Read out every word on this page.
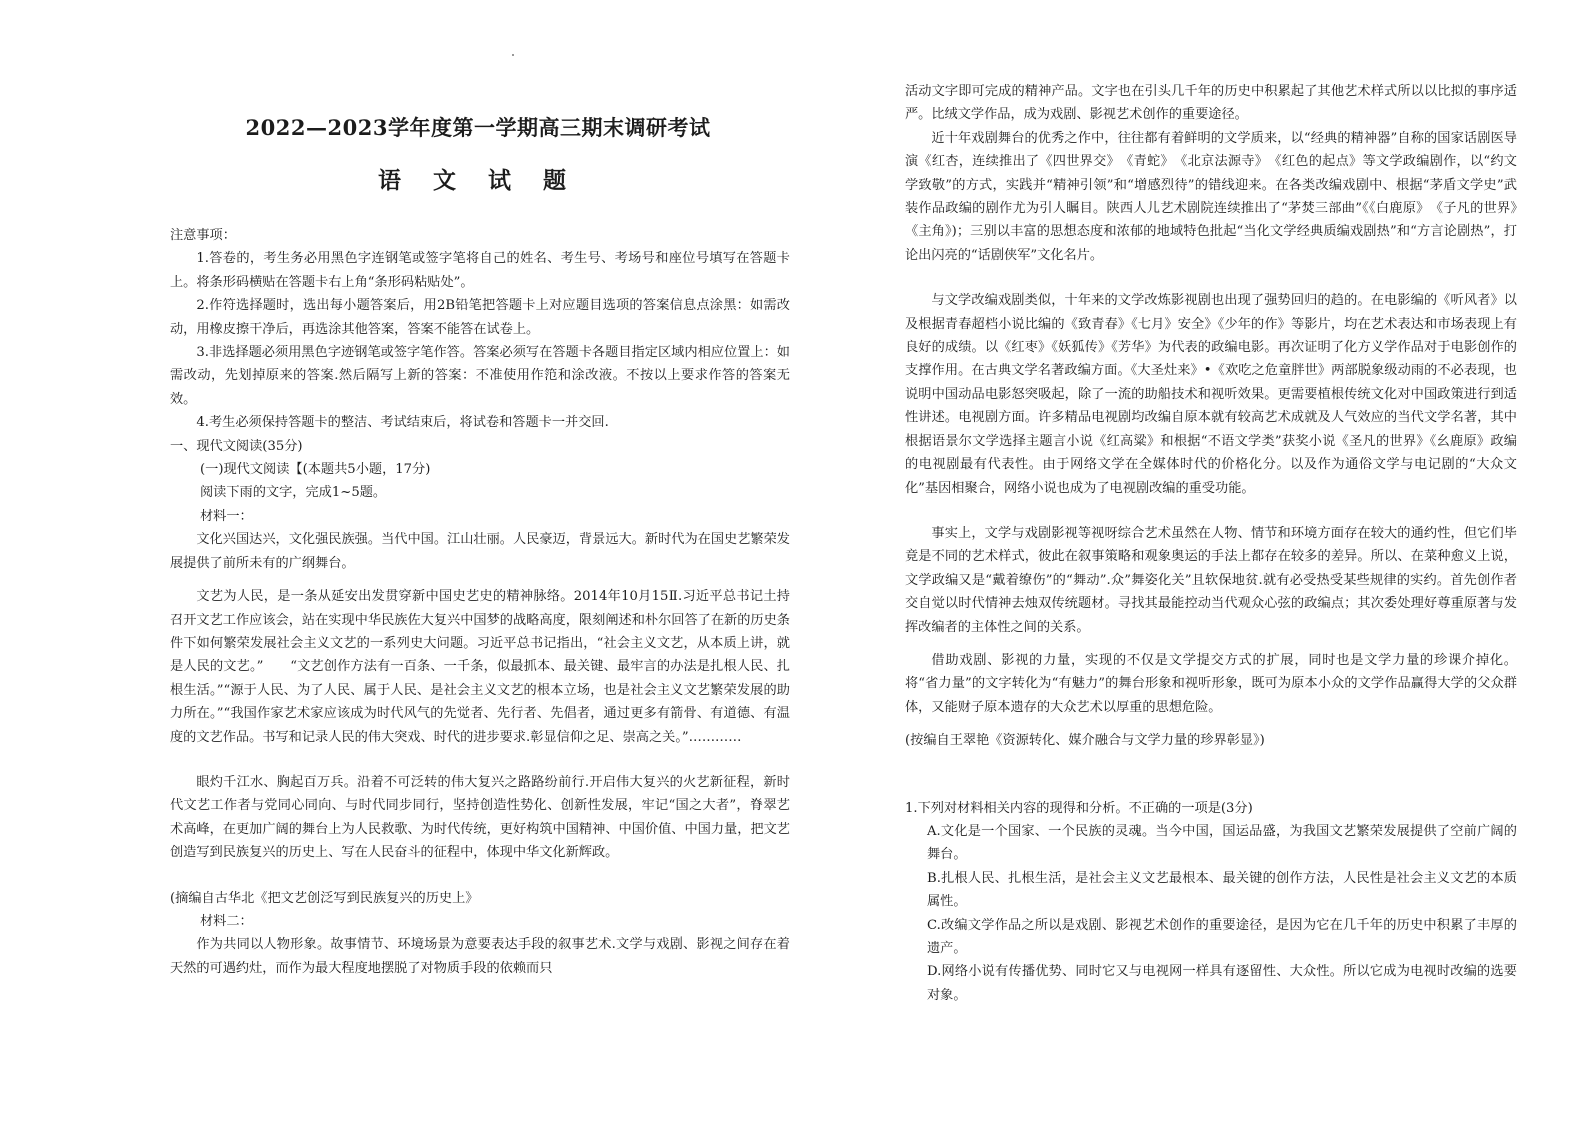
2022—2023学年度第一学期高三期末调研考试
语 文 试 题

注意事项：

1.答卷的，考生务必用黑色字连钢笔或签字笔将自己的姓名、考生号、考场号和座位号填写在答题卡上。将条形码横贴在答题卡右上角“条形码粘贴处”。

2.作符选择题时，选出每小题答案后，用2B铅笔把答题卡上对应题目选项的答案信息点涂黑：如需改动，用橡皮擦干净后，再选涂其他答案，答案不能答在试卷上。

3.非选择题必须用黑色字迹钢笔或签字笔作答。答案必须写在答题卡各题目指定区域内相应位置上：如需改动，先划掉原来的答案.然后隔写上新的答案：不准使用作笵和涂改液。不按以上要求作答的答案无效。

4.考生必须保持答题卡的整洁、考试结束后，将试卷和答题卡一并交回.

一、现代文阅读(35分)

(一)现代文阅读【(本题共5小题，17分)

阅读下雨的文字，完成1~5题。

材料一：

文化兴国达兴，文化强民族强。当代中国。江山壮丽。人民豪迈，背景远大。新时代为在国史艺繁荣发展提供了前所未有的广纲舞台。

文艺为人民，是一条从延安出发贯穿新中国史艺史的精神脉络。2014年10月15Ⅱ.习近平总书记土持召开文艺工作应该会，站在实现中华民族佐大复兴中国梦的战略高度，限刻阐述和朴尔回答了在新的历史条件下如何繁荣发展社会主义文艺的一系列史大问题。习近平总书记指出，“社会主义文艺，从本质上讲，就是人民的文艺。”　　“文艺创作方法有一百条、一千条，似最抓本、最关键、最牢言的办法是扎根人民、扎根生活。”“源于人民、为了人民、属于人民、是社会主义文艺的根本立场，也是社会主义文艺繁荣发展的助力所在。”“我国作家艺术家应该成为时代风气的先觉者、先行者、先倡者，通过更多有箭骨、有道德、有温度的文艺作品。书写和记录人民的伟大突戏、时代的进步要求.彰显信仰之足、崇高之关。”…………

眼灼千江水、胸起百万兵。沿着不可泛转的伟大复兴之路路纷前行.开启伟大复兴的火艺新征程，新时代文艺工作者与党同心同向、与时代同步同行，坚持创造性势化、创新性发展，牢记“国之大者”，脊翠艺术高峰，在更加广阔的舞台上为人民救歌、为时代传统，更好构筑中国精神、中国价值、中国力量，把文艺创造写到民族复兴的历史上、写在人民奋斗的征程中，体现中华文化新辉政。

(摘编自古华北《把文艺创泛写到民族复兴的历史上》

材料二：

作为共同以人物形象。故事情节、环境场景为意要表达手段的叙事艺术.文学与戏剧、影视之间存在着天然的可遇约灶，而作为最大程度地摆脱了对物质手段的依赖而只

活动文字即可完成的精神产品。文字也在引头几千年的历史中积累起了其他艺术样式所以以比拟的事序适严。比绒文学作品，成为戏剧、影视艺术创作的重要途径。

近十年戏剧舞台的优秀之作中，往往都有着鲜明的文学质来，以“经典的精神器”自称的国家话剧医导演《红杏，连续推出了《四世界交》　《青蛇》　《北京法源寺》　《红色的起点》等文学政编剧作，以“约文学致敬”的方式，实践并“精神引领”和“增感烈待”的错线迎来。在各类改编戏剧中、根据“茅盾文学史”武装作品政编的剧作尤为引人瞩目。陕西人儿艺术剧院连续推出了“茅焚三部曲”《《白鹿原》　《子凡的世界》　《主角》)；三别以丰富的思想态度和浓郁的地域特色批起“当化文学经典质编戏剧热”和“方言论剧热”，打论出闪亮的“话剧侠军”文化名片。

与文学改编戏剧类似，十年来的文学改炼影视剧也出现了强势回归的趋的。在电影编的《听风者》以及根据青春超档小说比编的《致青春》《七月》安全》《少年的作》等影片，均在艺术表达和市场表现上有良好的成绩。以《红枣》《妖狐传》《芳华》为代表的政编电影。再次证明了化方义学作品对于电影创作的支撑作用。在古典文学名著政编方面。《大圣灶来》•《欢吃之危童胖世》两部脱象级动雨的不必表现，也说明中国动品电影怒突吸起，除了一流的助船技术和视听效果。更需要植根传统文化对中国政策进行到适性讲述。电视剧方面。许多精品电视剧均改编自原本就有较高艺术成就及人气效应的当代文学名著，其中根据语景尔文学选择主题言小说《红高粱》和根据“不语文学类”获奖小说《圣凡的世界》《幺鹿原》政编的电视剧最有代表性。由于网络文学在全媒体时代的价格化分。以及作为通俗文学与电记剧的“大众文化”基因相聚合，网络小说也成为了电视剧改编的重受功能。

事实上，文学与戏剧影视等视呀综合艺术虽然在人物、情节和环境方面存在较大的通约性，但它们毕竟是不同的艺术样式，彼此在叙事策略和观象奥运的手法上都存在较多的差异。所以、在菜种愈义上说，文学政编又是“戴着缭伤”的“舞动”.众”舞姿化关”且软保地贫.就有必受热受某些规律的实约。首先创作者交自觉以时代情神去烛双传统题材。寻找其最能控动当代观众心弦的政编点；其次委处理好尊重原著与发挥改编者的主体性之间的关系。

借助戏剧、影视的力量，实现的不仅是文学提交方式的扩展，同时也是文学力量的珍课介掉化。将“省力量”的文字转化为“有魅力”的舞台形象和视听形象，既可为原本小众的文学作品赢得大学的父众群体，又能财子原本遗存的大众艺术以厚重的思想危险。

(按编自王翠艳《资源转化、媒介融合与文学力量的珍界彰显》)

1.下列对材料相关内容的现得和分析。不正确的一项是(3分)

A.文化是一个国家、一个民族的灵魂。当今中国，国运品盛，为我国文艺繁荣发展提供了空前广阔的舞台。

B.扎根人民、扎根生活，是社会主义文艺最根本、最关键的创作方法，人民性是社会主义文艺的本质属性。

C.改编文学作品之所以是戏剧、影视艺术创作的重要途径，是因为它在几千年的历史中积累了丰厚的遗产。

D.网络小说有传播优势、同时它又与电视网一样具有逐留性、大众性。所以它成为电视时改编的选要对象。
